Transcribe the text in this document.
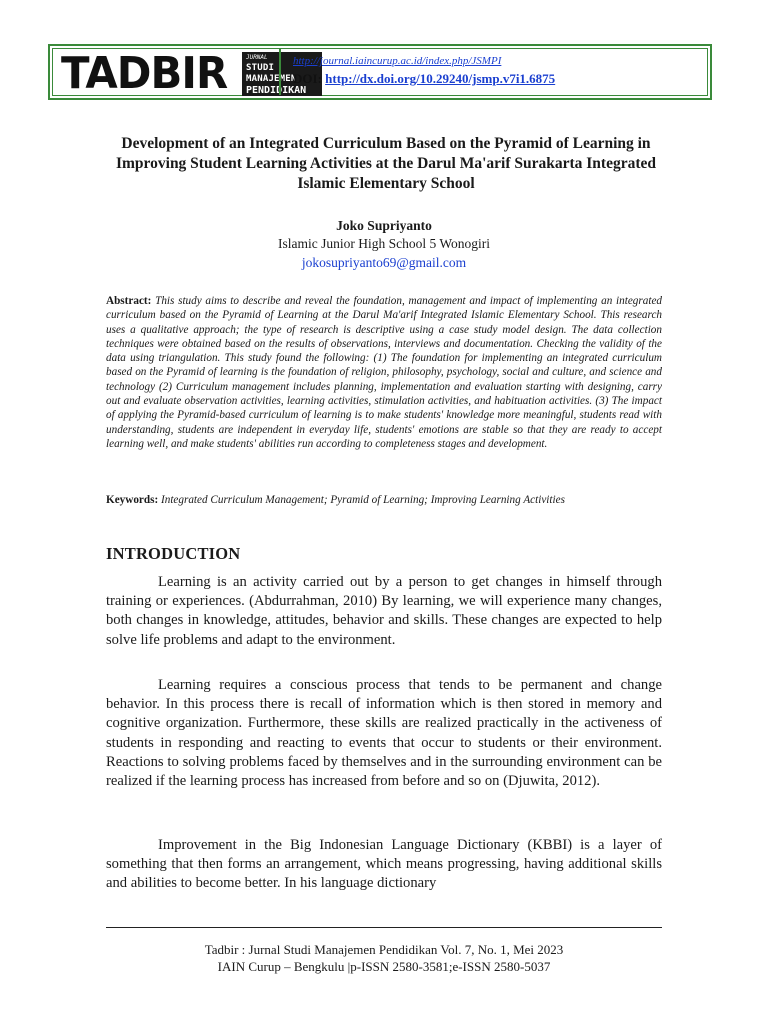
TADBIR	JURNAL
STUDI MANAJEMEN
PENDIDIKAN
http://journal.iaincurup.ac.id/index.php/JSMPI
DOI: http://dx.doi.org/10.29240/jsmp.v7i1.6875
Development of an Integrated Curriculum Based on the Pyramid of Learning in Improving Student Learning Activities at the Darul Ma'arif Surakarta Integrated Islamic Elementary School
Joko Supriyanto
Islamic Junior High School 5 Wonogiri
jokosupriyanto69@gmail.com
Abstract: This study aims to describe and reveal the foundation, management and impact of implementing an integrated curriculum based on the Pyramid of Learning at the Darul Ma'arif Integrated Islamic Elementary School. This research uses a qualitative approach; the type of research is descriptive using a case study model design. The data collection techniques were obtained based on the results of observations, interviews and documentation. Checking the validity of the data using triangulation. This study found the following: (1) The foundation for implementing an integrated curriculum based on the Pyramid of learning is the foundation of religion, philosophy, psychology, social and culture, and science and technology (2) Curriculum management includes planning, implementation and evaluation starting with designing, carry out and evaluate observation activities, learning activities, stimulation activities, and habituation activities. (3) The impact of applying the Pyramid-based curriculum of learning is to make students' knowledge more meaningful, students read with understanding, students are independent in everyday life, students' emotions are stable so that they are ready to accept learning well, and make students' abilities run according to completeness stages and development.
Keywords: Integrated Curriculum Management; Pyramid of Learning; Improving Learning Activities
INTRODUCTION

Learning is an activity carried out by a person to get changes in himself through training or experiences. (Abdurrahman, 2010) By learning, we will experience many changes, both changes in knowledge, attitudes, behavior and skills. These changes are expected to help solve life problems and adapt to the environment.

Learning requires a conscious process that tends to be permanent and change behavior. In this process there is recall of information which is then stored in memory and cognitive organization. Furthermore, these skills are realized practically in the activeness of students in responding and reacting to events that occur to students or their environment. Reactions to solving problems faced by themselves and in the surrounding environment can be realized if the learning process has increased from before and so on (Djuwita, 2012).

Improvement in the Big Indonesian Language Dictionary (KBBI) is a layer of something that then forms an arrangement, which means progressing, having additional skills and abilities to become better. In his language dictionary

Tadbir : Jurnal Studi Manajemen Pendidikan Vol. 7, No. 1, Mei 2023
IAIN Curup – Bengkulu |p-ISSN 2580-3581;e-ISSN 2580-5037
